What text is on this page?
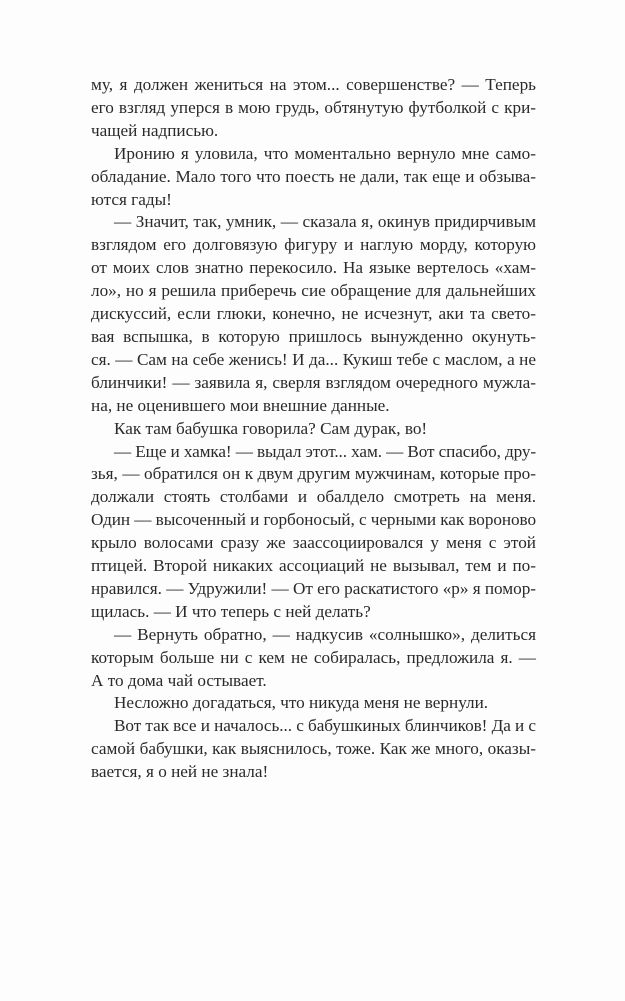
му, я должен жениться на этом... совершенстве? — Теперь
его взгляд уперся в мою грудь, обтянутую футболкой с кри-
чащей надписью.
Иронию я уловила, что моментально вернуло мне само-
обладание. Мало того что поесть не дали, так еще и обзыва-
ются гады!
— Значит, так, умник, — сказала я, окинув придирчивым
взглядом его долговязую фигуру и наглую морду, которую
от моих слов знатно перекосило. На языке вертелось «хам-
ло», но я решила приберечь сие обращение для дальнейших
дискуссий, если глюки, конечно, не исчезнут, аки та свето-
вая вспышка, в которую пришлось вынужденно окунуть-
ся. — Сам на себе женись! И да... Кукиш тебе с маслом, а не
блинчики! — заявила я, сверля взглядом очередного мужла-
на, не оценившего мои внешние данные.
Как там бабушка говорила? Сам дурак, во!
— Еще и хамка! — выдал этот... хам. — Вот спасибо, дру-
зья, — обратился он к двум другим мужчинам, которые про-
должали стоять столбами и обалдело смотреть на меня.
Один — высоченный и горбоносый, с черными как вороново
крыло волосами сразу же заассоциировался у меня с этой
птицей. Второй никаких ассоциаций не вызывал, тем и по-
нравился. — Удружили! — От его раскатистого «р» я помор-
щилась. — И что теперь с ней делать?
— Вернуть обратно, — надкусив «солнышко», делиться
которым больше ни с кем не собиралась, предложила я. —
А то дома чай остывает.
Несложно догадаться, что никуда меня не вернули.
Вот так все и началось... с бабушкиных блинчиков! Да и с
самой бабушки, как выяснилось, тоже. Как же много, оказы-
вается, я о ней не знала!
